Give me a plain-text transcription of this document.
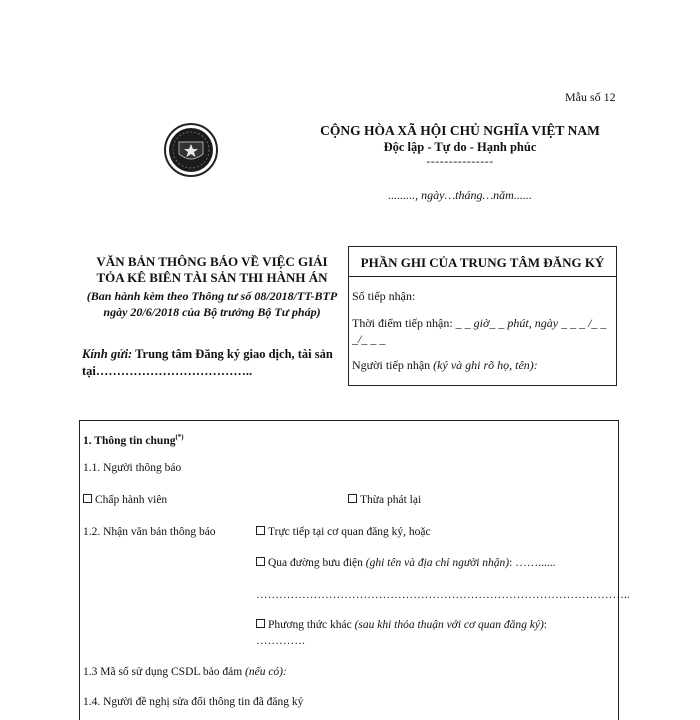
Mẫu số 12
CỘNG HÒA XÃ HỘI CHỦ NGHĨA VIỆT NAM
Độc lập - Tự do - Hạnh phúc
---------------
........., ngày…tháng…năm......
VĂN BẢN THÔNG BÁO VỀ VIỆC GIẢI
TỎA KÊ BIÊN TÀI SẢN THI HÀNH ÁN
(Ban hành kèm theo Thông tư số 08/2018/TT-BTP ngày 20/6/2018 của Bộ trưởng Bộ Tư pháp)
Kính gửi: Trung tâm Đăng ký giao dịch, tài sản tại………………………………..
PHẦN GHI CỦA TRUNG TÂM ĐĂNG KÝ
Số tiếp nhận:
Thời điểm tiếp nhận: _ _ giờ_ _ phút, ngày _ _ _ /_ _ _/_ _ _
Người tiếp nhận (ký và ghi rõ họ, tên):
1. Thông tin chung(*)
1.1. Người thông báo
Chấp hành viên	Thừa phát lại
1.2. Nhận văn bản thông báo	Trực tiếp tại cơ quan đăng ký, hoặc
Qua đường bưu điện (ghi tên và địa chỉ người nhận): ……......
……………………………………………………………………………………..
Phương thức khác (sau khi thỏa thuận với cơ quan đăng ký):
………….
1.3 Mã số sử dụng CSDL bảo đảm (nếu có):
1.4. Người đề nghị sửa đổi thông tin đã đăng ký
